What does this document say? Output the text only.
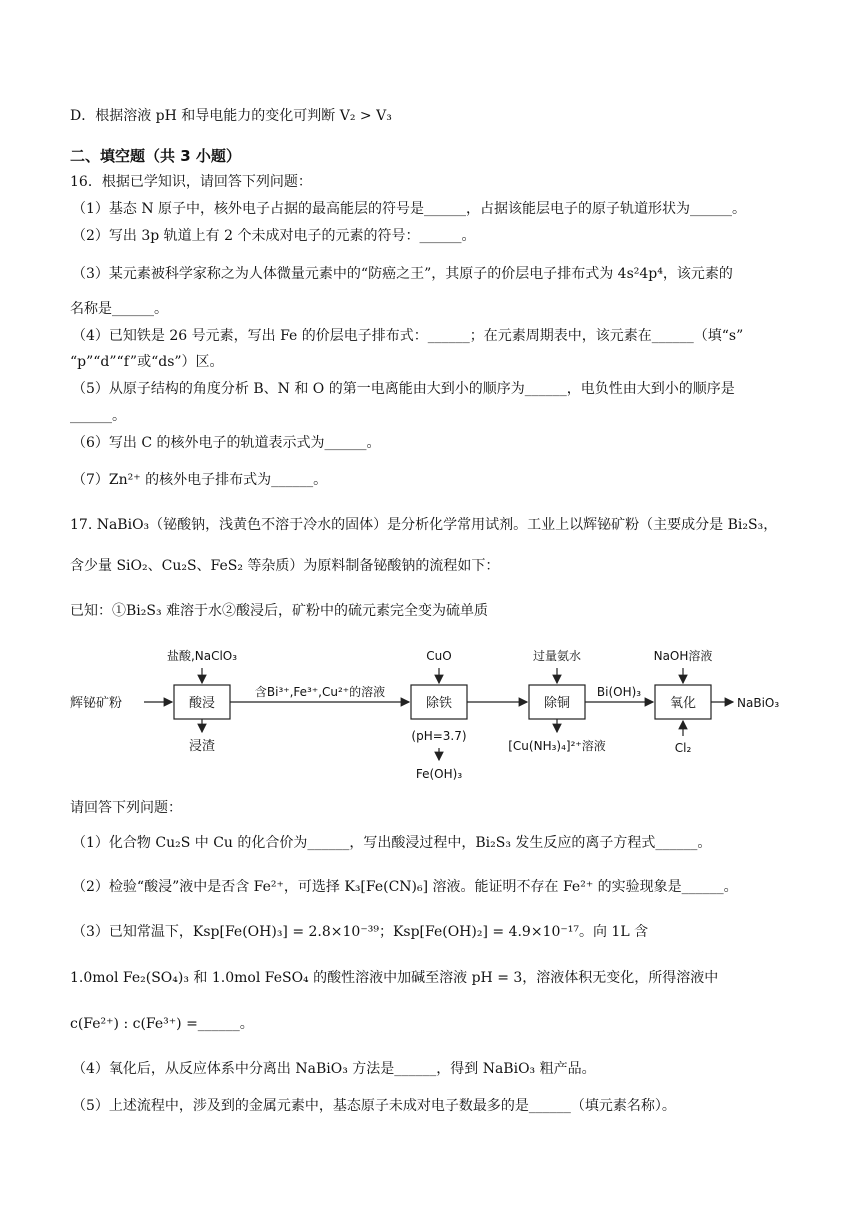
D．根据溶液 pH 和导电能力的变化可判断 V₂ > V₃
二、填空题（共 3 小题）
16．根据已学知识，请回答下列问题：
（1）基态 N 原子中，核外电子占据的最高能层的符号是______，占据该能层电子的原子轨道形状为______。
（2）写出 3p 轨道上有 2 个未成对电子的元素的符号：______。
（3）某元素被科学家称之为人体微量元素中的“防癌之王”，其原子的价层电子排布式为 4s²4p⁴，该元素的
名称是______。
（4）已知铁是 26 号元素，写出 Fe 的价层电子排布式：______；在元素周期表中，该元素在______（填“s”
“p”“d”“f”或“ds”）区。
（5）从原子结构的角度分析 B、N 和 O 的第一电离能由大到小的顺序为______，电负性由大到小的顺序是
______。
（6）写出 C 的核外电子的轨道表示式为______。
（7）Zn²⁺ 的核外电子排布式为______。
17. NaBiO₃（铋酸钠，浅黄色不溶于冷水的固体）是分析化学常用试剂。工业上以辉铋矿粉（主要成分是 Bi₂S₃，
含少量 SiO₂、Cu₂S、FeS₂ 等杂质）为原料制备铋酸钠的流程如下：
已知：①Bi₂S₃ 难溶于水②酸浸后，矿粉中的硫元素完全变为硫单质
辉铋矿粉	酸浸
盐酸,NaClO₃
浸渣
含Bi³⁺,Fe³⁺,Cu²⁺的溶液
除铁
CuO
(pH=3.7)
Fe(OH)₃
除铜
过量氨水
[Cu(NH₃)₄]²⁺溶液
Bi(OH)₃
氧化
NaOH溶液
Cl₂
NaBiO₃
请回答下列问题：
（1）化合物 Cu₂S 中 Cu 的化合价为______，写出酸浸过程中，Bi₂S₃ 发生反应的离子方程式______。
（2）检验“酸浸”液中是否含 Fe²⁺，可选择 K₃[Fe(CN)₆] 溶液。能证明不存在 Fe²⁺ 的实验现象是______。
（3）已知常温下，Ksp[Fe(OH)₃] = 2.8×10⁻³⁹；Ksp[Fe(OH)₂] = 4.9×10⁻¹⁷。向 1L 含
1.0mol Fe₂(SO₄)₃ 和 1.0mol FeSO₄ 的酸性溶液中加碱至溶液 pH = 3，溶液体积无变化，所得溶液中
c(Fe²⁺) : c(Fe³⁺) =______。
（4）氧化后，从反应体系中分离出 NaBiO₃ 方法是______，得到 NaBiO₃ 粗产品。
（5）上述流程中，涉及到的金属元素中，基态原子未成对电子数最多的是______（填元素名称）。
